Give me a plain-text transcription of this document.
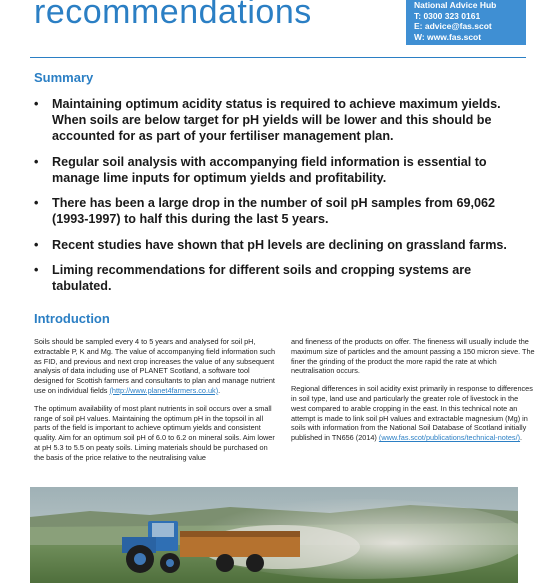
recommendations	National Advice Hub
T: 0300 323 0161
E: advice@fas.scot
W: www.fas.scot
Summary
• Maintaining optimum acidity status is required to achieve maximum yields. When soils are below target for pH yields will be lower and this should be accounted for as part of your fertiliser management plan.
• Regular soil analysis with accompanying field information is essential to manage lime inputs for optimum yields and profitability.
• There has been a large drop in the number of soil pH samples from 69,062 (1993-1997) to half this during the last 5 years.
• Recent studies have shown that pH levels are declining on grassland farms.
• Liming recommendations for different soils and cropping systems are tabulated.
Introduction

Soils should be sampled every 4 to 5 years and analysed for soil pH, extractable P, K and Mg. The value of accompanying field information such as FID, and previous and next crop increases the value of any subsequent analysis of data including use of PLANET Scotland, a software tool designed for Scottish farmers and consultants to plan and manage nutrient use on individual fields (http://www.planet4farmers.co.uk).

The optimum availability of most plant nutrients in soil occurs over a small range of soil pH values. Maintaining the optimum pH in the topsoil in all parts of the field is important to achieve optimum yields and consistent quality. Aim for an optimum soil pH of 6.0 to 6.2 on mineral soils. Aim lower at pH 5.3 to 5.5 on peaty soils. Liming materials should be purchased on the basis of the price relative to the neutralising value

and fineness of the products on offer. The fineness will usually include the maximum size of particles and the amount passing a 150 micron sieve. The finer the grinding of the product the more rapid the rate at which neutralisation occurs.

Regional differences in soil acidity exist primarily in response to differences in soil type, land use and particularly the greater role of livestock in the west compared to arable cropping in the east. In this technical note an attempt is made to link soil pH values and extractable magnesium (Mg) in soils with information from the National Soil Database of Scotland initially published in TN656 (2014) (www.fas.scot/publications/technical-notes/).
